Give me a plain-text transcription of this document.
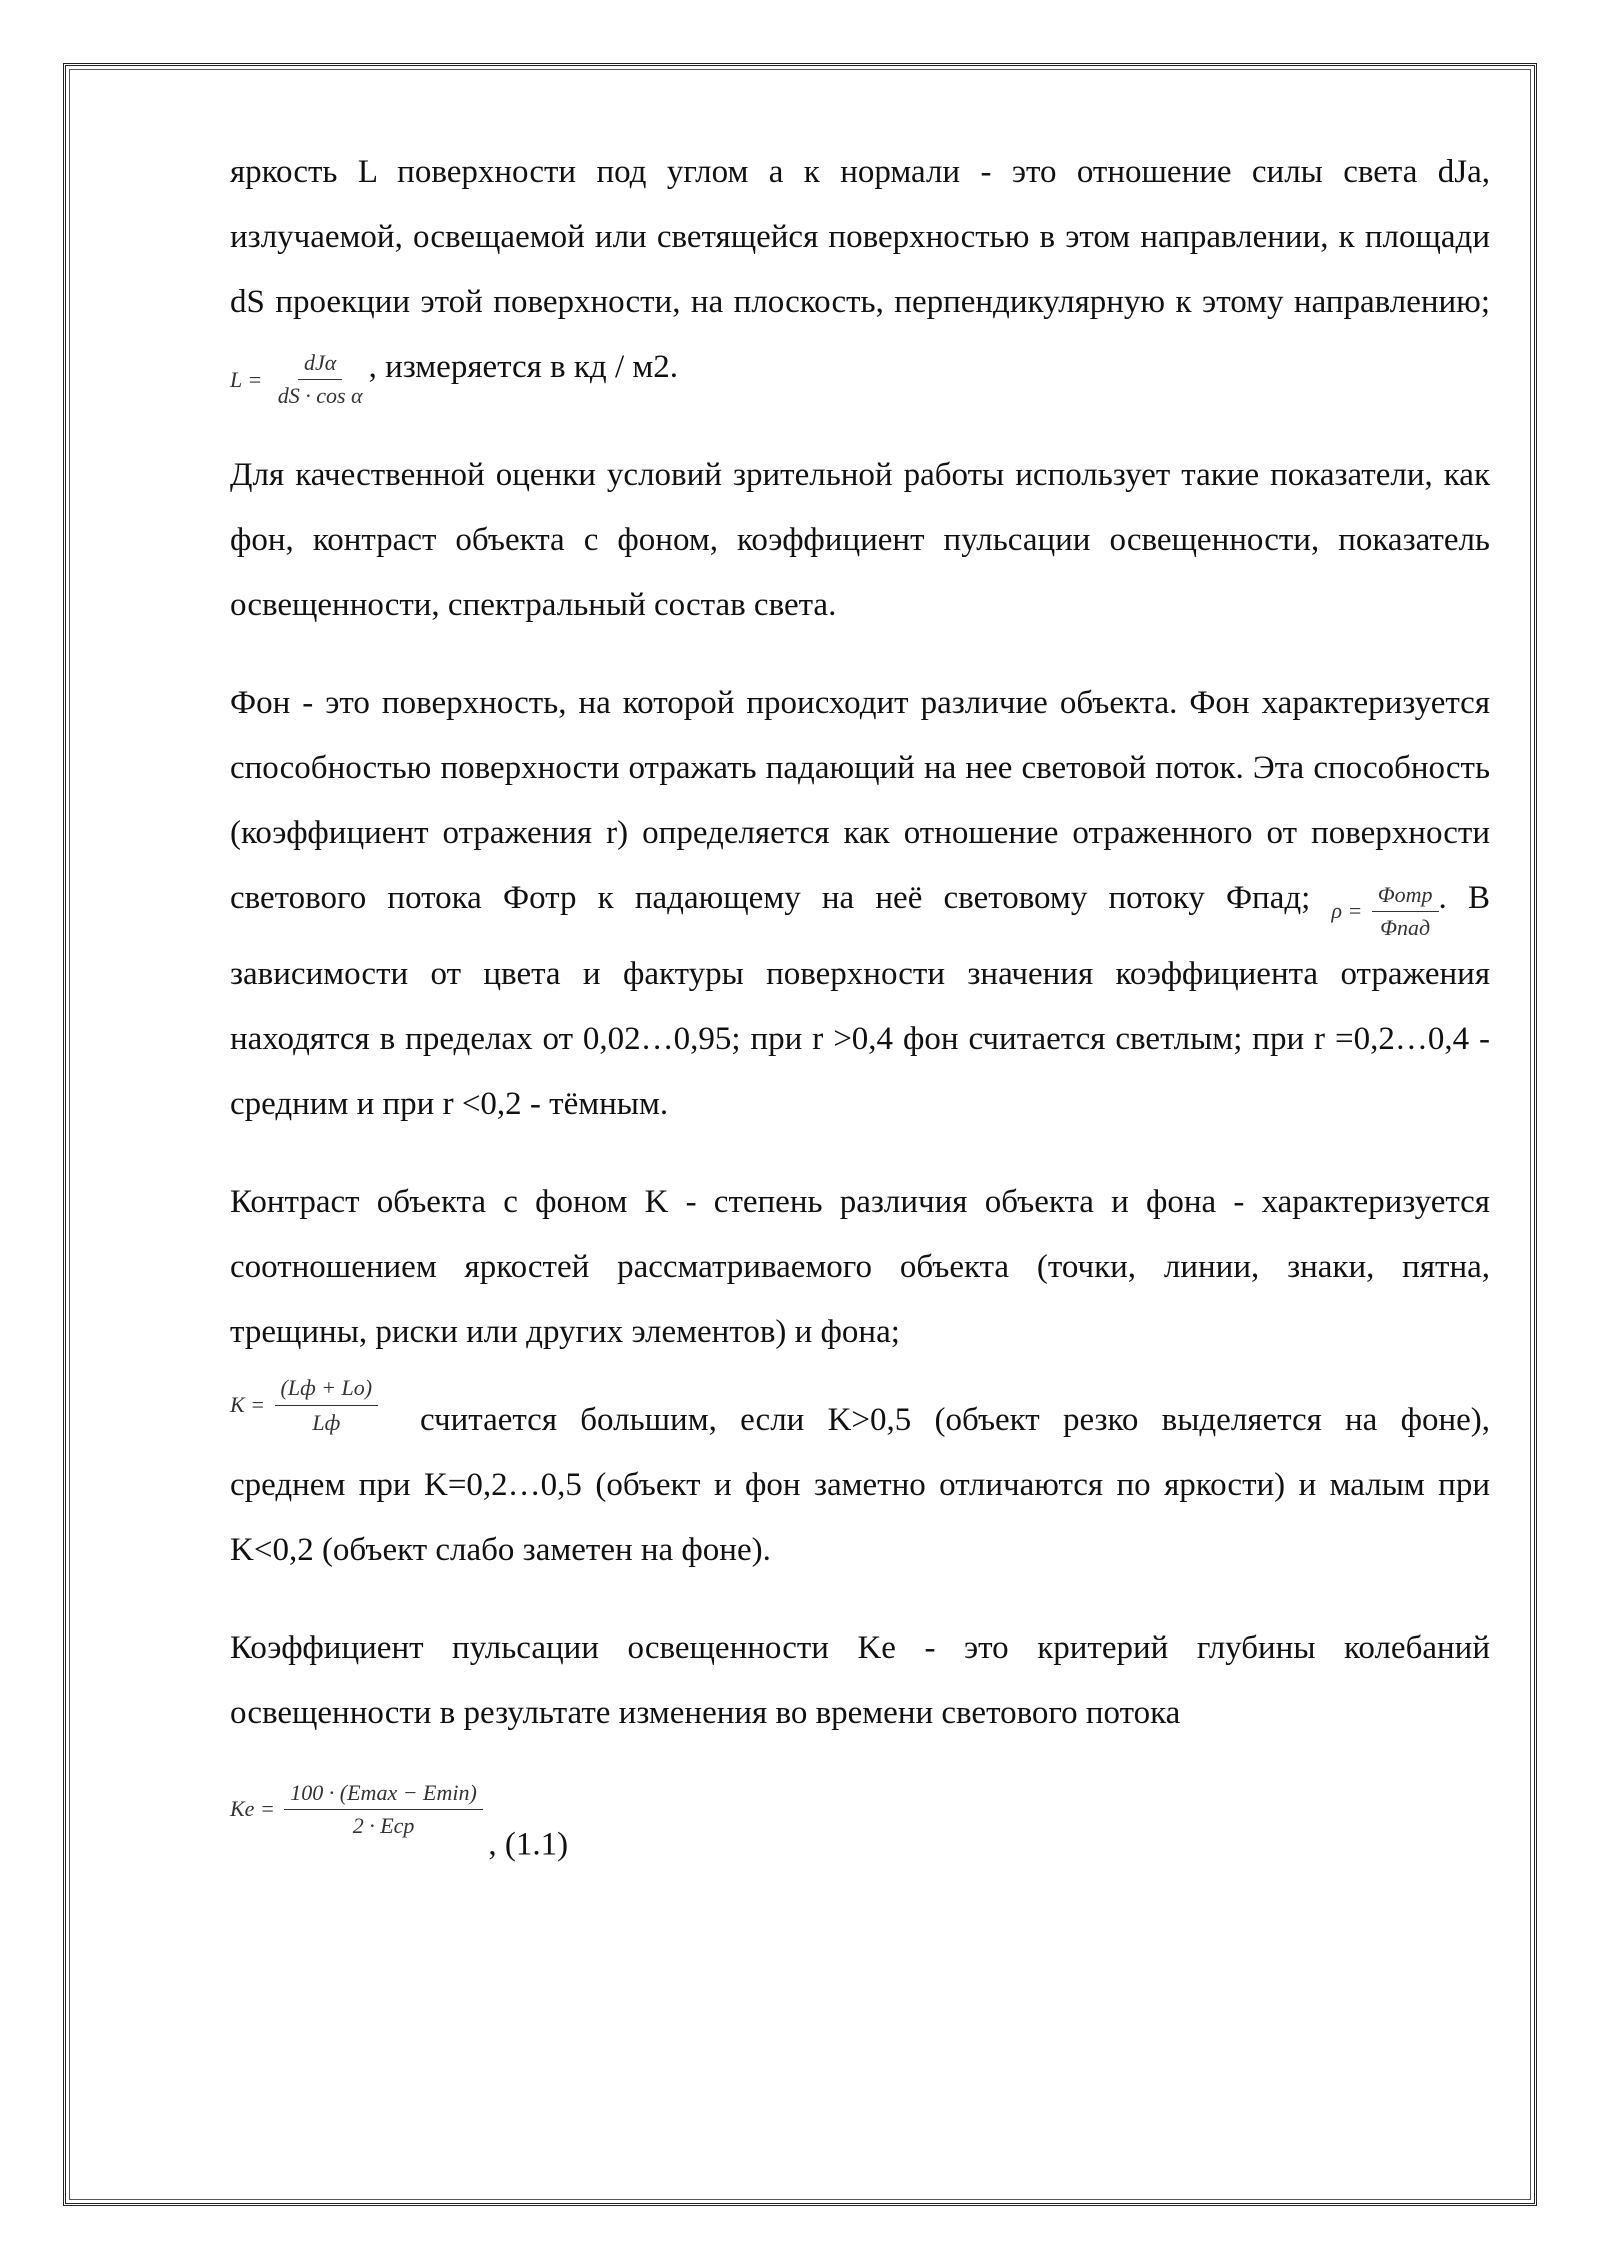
яркость L поверхности под углом a к нормали - это отношение силы света dJa, излучаемой, освещаемой или светящейся поверхностью в этом направлении, к площади dS проекции этой поверхности, на плоскость, перпендикулярную к этому направлению; $L = \frac{\text{dJα}}{\text{dS · cos α}}$ , измеряется в кд / м2.

Для качественной оценки условий зрительной работы использует такие показатели, как фон, контраст объекта с фоном, коэффициент пульсации освещенности, показатель освещенности, спектральный состав света.

Фон - это поверхность, на которой происходит различие объекта. Фон характеризуется способностью поверхности отражать падающий на нее световой поток. Эта способность (коэффициент отражения r) определяется как отношение отраженного от поверхности светового потока Фотр к падающему на неё световому потоку Фпад; $\rho = \frac{\text{Φотр}}{\text{Φпад}}$ . В зависимости от цвета и фактуры поверхности значения коэффициента отражения находятся в пределах от 0,02…0,95; при r >0,4 фон считается светлым; при r =0,2…0,4 - средним и при r <0,2 - тёмным.

Контраст объекта с фоном K - степень различия объекта и фона - характеризуется соотношением яркостей рассматриваемого объекта (точки, линии, знаки, пятна, трещины, риски или других элементов) и фона;
$K = \frac{(Lф + Lо)}{Lф}$ считается большим, если K>0,5 (объект резко выделяется на фоне), среднем при K=0,2…0,5 (объект и фон заметно отличаются по яркости) и малым при K<0,2 (объект слабо заметен на фоне).

Коэффициент пульсации освещенности Ke - это критерий глубины колебаний освещенности в результате изменения во времени светового потока

$Ke = \frac{100 \cdot (Emax - Emin)}{\text{2 · Eср}}$
, (1.1)
